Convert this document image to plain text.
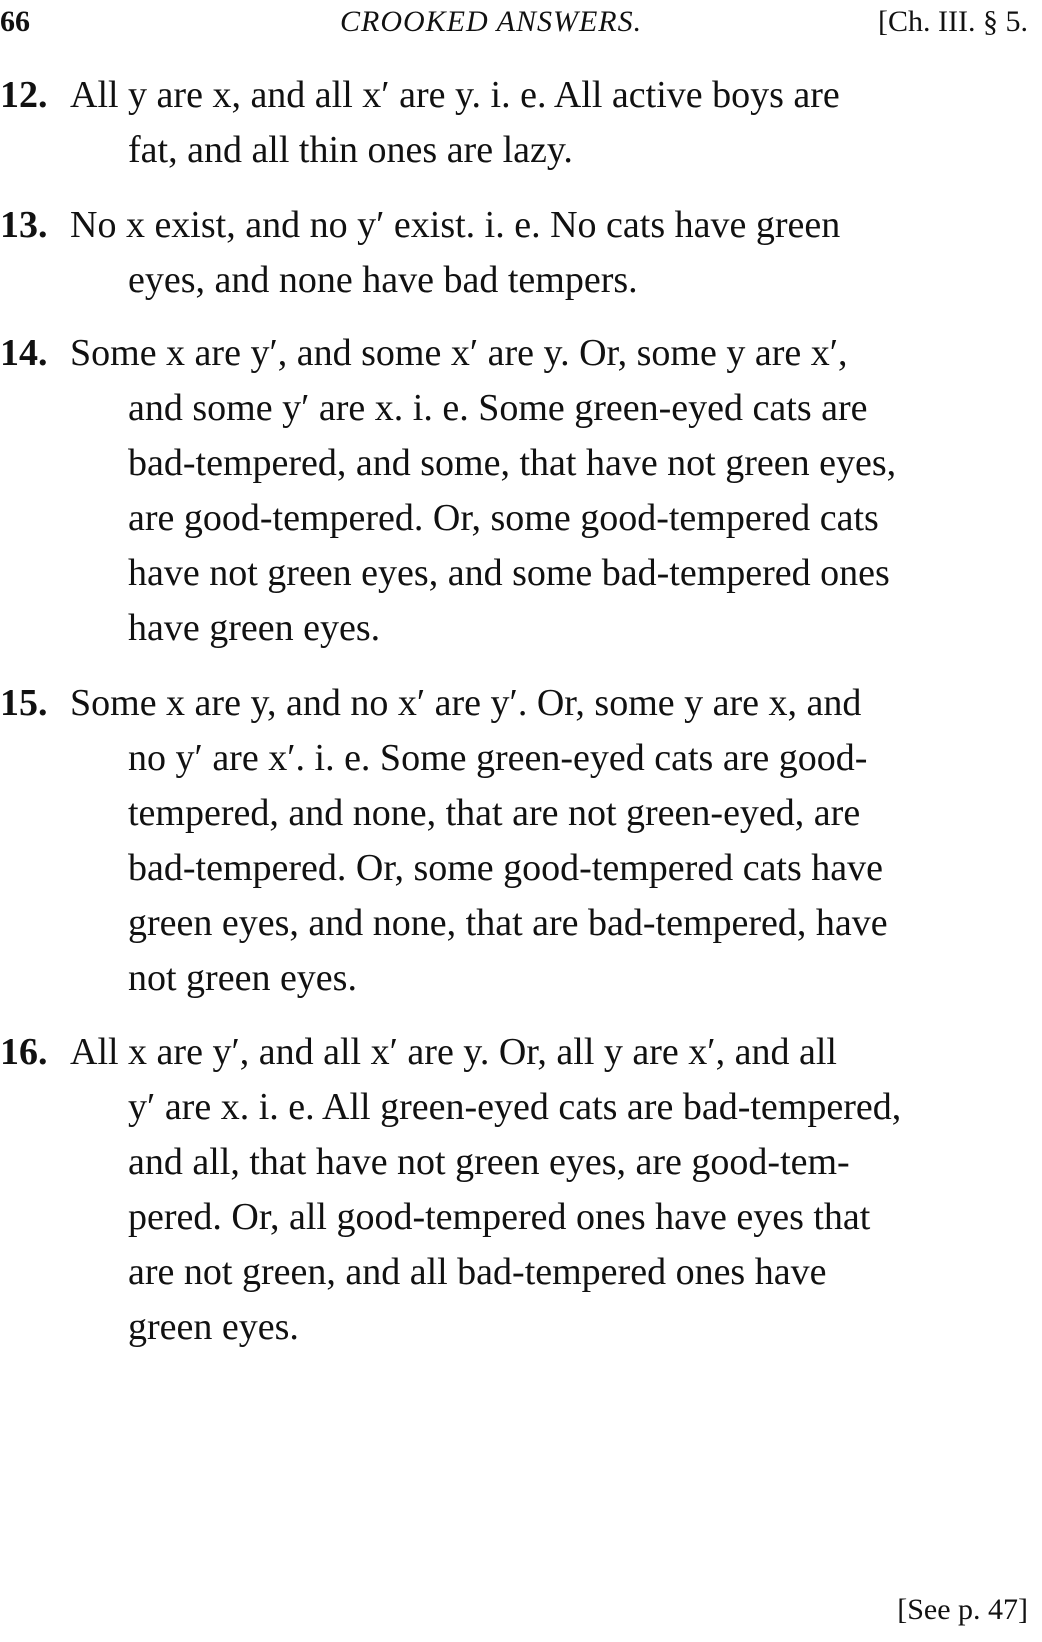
66	CROOKED ANSWERS.	[Ch. III. § 5.
12. All y are x, and all x′ are y. i. e. All active boys are
fat, and all thin ones are lazy.
13. No x exist, and no y′ exist. i. e. No cats have green
eyes, and none have bad tempers.
14. Some x are y′, and some x′ are y. Or, some y are x′,
and some y′ are x. i. e. Some green-eyed cats are
bad-tempered, and some, that have not green eyes,
are good-tempered. Or, some good-tempered cats
have not green eyes, and some bad-tempered ones
have green eyes.
15. Some x are y, and no x′ are y′. Or, some y are x, and
no y′ are x′. i. e. Some green-eyed cats are good-
tempered, and none, that are not green-eyed, are
bad-tempered. Or, some good-tempered cats have
green eyes, and none, that are bad-tempered, have
not green eyes.
16. All x are y′, and all x′ are y. Or, all y are x′, and all
y′ are x. i. e. All green-eyed cats are bad-tempered,
and all, that have not green eyes, are good-tem-
pered. Or, all good-tempered ones have eyes that
are not green, and all bad-tempered ones have
green eyes.
[See p. 47]
